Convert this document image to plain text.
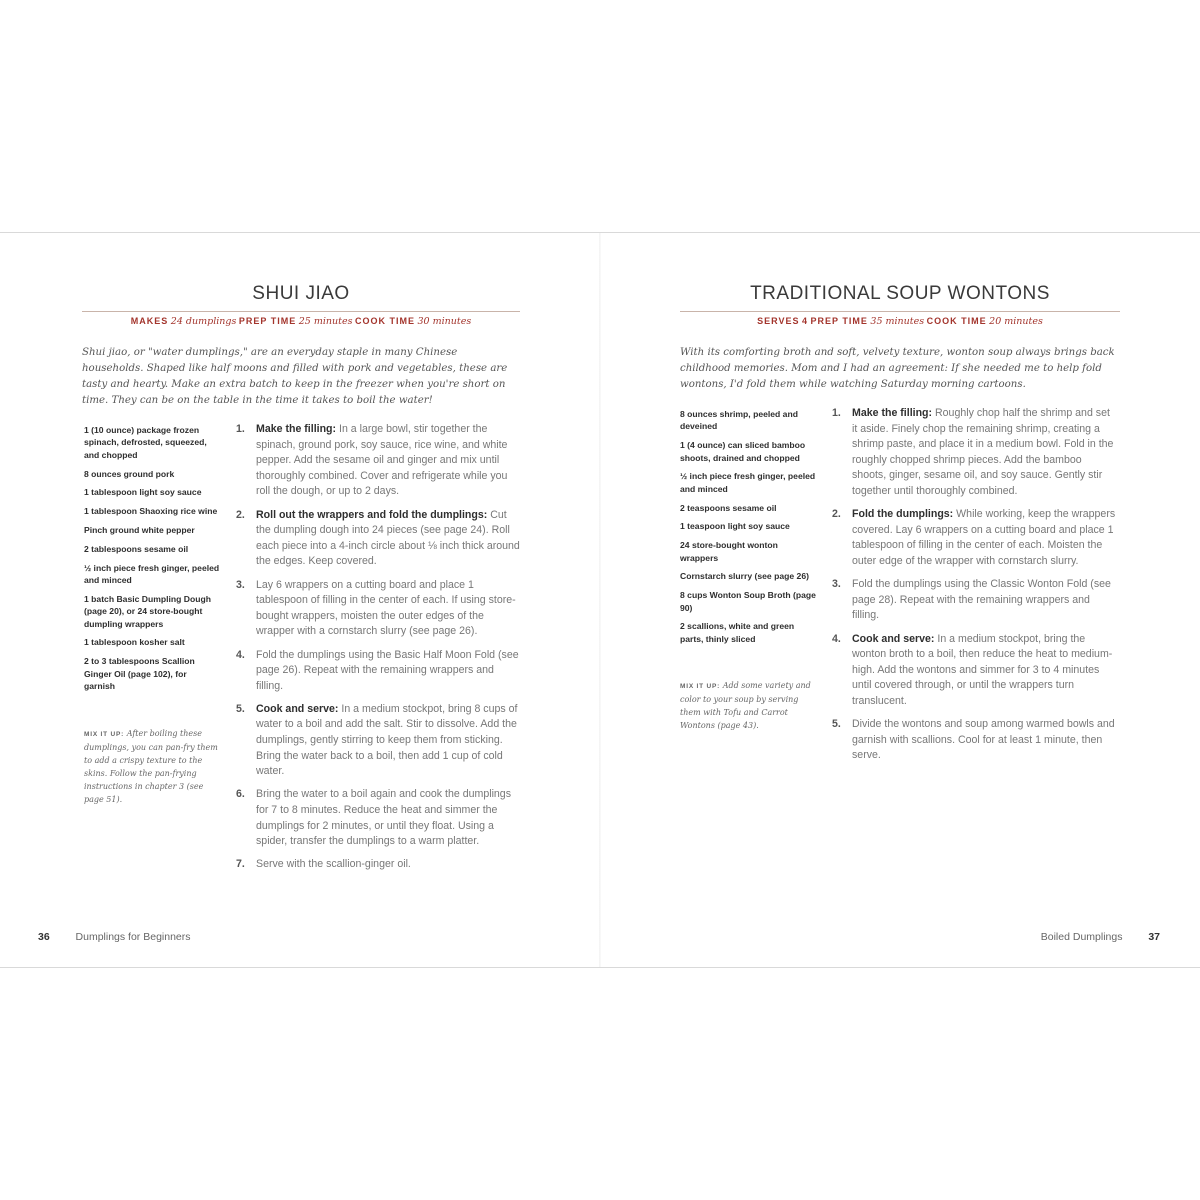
SHUI JIAO
MAKES 24 dumplings PREP TIME 25 minutes COOK TIME 30 minutes

Shui jiao, or "water dumplings," are an everyday staple in many Chinese households. Shaped like half moons and filled with pork and vegetables, these are tasty and hearty. Make an extra batch to keep in the freezer when you're short on time. They can be on the table in the time it takes to boil the water!

1 (10 ounce) package frozen spinach, defrosted, squeezed, and chopped
8 ounces ground pork
1 tablespoon light soy sauce
1 tablespoon Shaoxing rice wine
Pinch ground white pepper
2 tablespoons sesame oil
½ inch piece fresh ginger, peeled and minced
1 batch Basic Dumpling Dough (page 20), or 24 store-bought dumpling wrappers
1 tablespoon kosher salt
2 to 3 tablespoons Scallion Ginger Oil (page 102), for garnish

MIX IT UP: After boiling these dumplings, you can pan-fry them to add a crispy texture to the skins. Follow the pan-frying instructions in chapter 3 (see page 51).

1. Make the filling: In a large bowl, stir together the spinach, ground pork, soy sauce, rice wine, and white pepper. Add the sesame oil and ginger and mix until thoroughly combined. Cover and refrigerate while you roll the dough, or up to 2 days.
2. Roll out the wrappers and fold the dumplings: Cut the dumpling dough into 24 pieces (see page 24). Roll each piece into a 4-inch circle about ⅛ inch thick around the edges. Keep covered.
3. Lay 6 wrappers on a cutting board and place 1 tablespoon of filling in the center of each. If using store-bought wrappers, moisten the outer edges of the wrapper with a cornstarch slurry (see page 26).
4. Fold the dumplings using the Basic Half Moon Fold (see page 26). Repeat with the remaining wrappers and filling.
5. Cook and serve: In a medium stockpot, bring 8 cups of water to a boil and add the salt. Stir to dissolve. Add the dumplings, gently stirring to keep them from sticking. Bring the water back to a boil, then add 1 cup of cold water.
6. Bring the water to a boil again and cook the dumplings for 7 to 8 minutes. Reduce the heat and simmer the dumplings for 2 minutes, or until they float. Using a spider, transfer the dumplings to a warm platter.
7. Serve with the scallion-ginger oil.
36 Dumplings for Beginners
TRADITIONAL SOUP WONTONS
SERVES 4 PREP TIME 35 minutes COOK TIME 20 minutes

With its comforting broth and soft, velvety texture, wonton soup always brings back childhood memories. Mom and I had an agreement: If she needed me to help fold wontons, I'd fold them while watching Saturday morning cartoons.

8 ounces shrimp, peeled and deveined
1 (4 ounce) can sliced bamboo shoots, drained and chopped
½ inch piece fresh ginger, peeled and minced
2 teaspoons sesame oil
1 teaspoon light soy sauce
24 store-bought wonton wrappers
Cornstarch slurry (see page 26)
8 cups Wonton Soup Broth (page 90)
2 scallions, white and green parts, thinly sliced

MIX IT UP: Add some variety and color to your soup by serving them with Tofu and Carrot Wontons (page 43).

1. Make the filling: Roughly chop half the shrimp and set it aside. Finely chop the remaining shrimp, creating a shrimp paste, and place it in a medium bowl. Fold in the roughly chopped shrimp pieces. Add the bamboo shoots, ginger, sesame oil, and soy sauce. Gently stir together until thoroughly combined.
2. Fold the dumplings: While working, keep the wrappers covered. Lay 6 wrappers on a cutting board and place 1 tablespoon of filling in the center of each. Moisten the outer edge of the wrapper with cornstarch slurry.
3. Fold the dumplings using the Classic Wonton Fold (see page 28). Repeat with the remaining wrappers and filling.
4. Cook and serve: In a medium stockpot, bring the wonton broth to a boil, then reduce the heat to medium-high. Add the wontons and simmer for 3 to 4 minutes until covered through, or until the wrappers turn translucent.
5. Divide the wontons and soup among warmed bowls and garnish with scallions. Cool for at least 1 minute, then serve.
Boiled Dumplings 37
